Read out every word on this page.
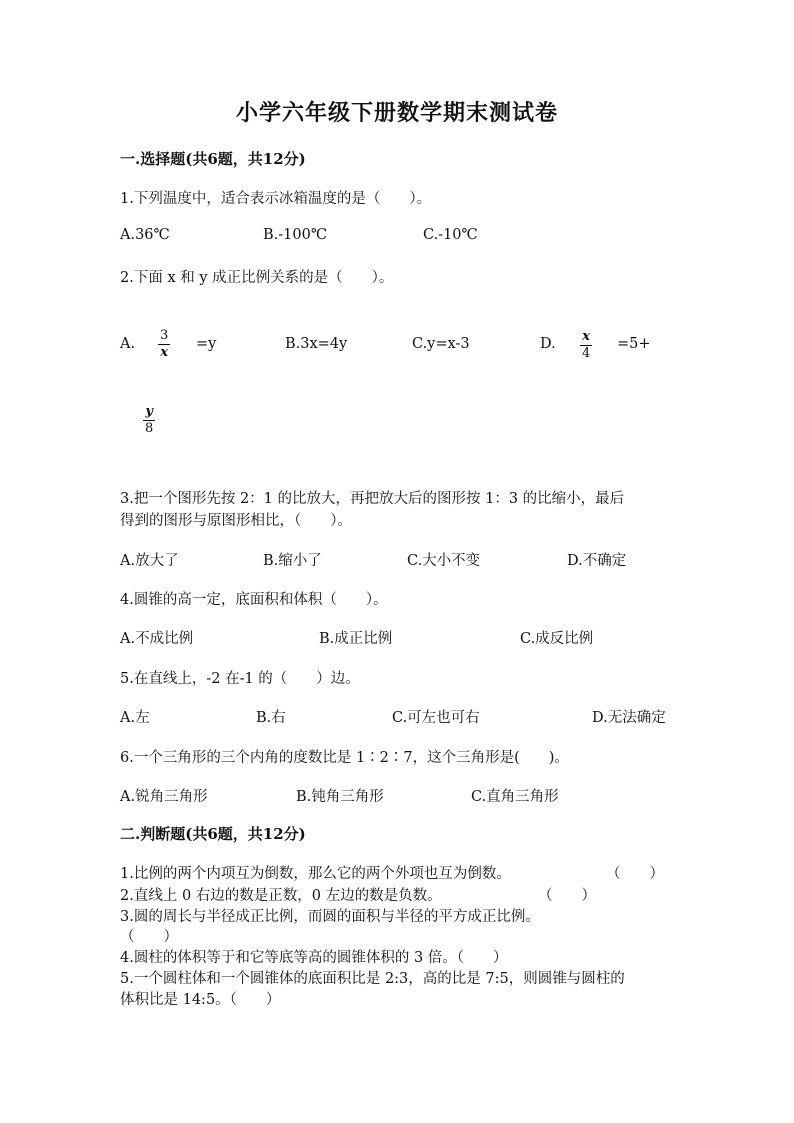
小学六年级下册数学期末测试卷
一.选择题(共6题，共12分)
1.下列温度中，适合表示冰箱温度的是（　　）。
A.36℃	B.-100℃	C.-10℃
2.下面 x 和 y 成正比例关系的是（　　）。
A. $\frac{3}{x} =y$	B.3x=4y	C.y=x-3	D. $\frac{x}{4} =5+$
$\frac{y}{8}$
3.把一个图形先按 2：1 的比放大，再把放大后的图形按 1：3 的比缩小，最后
得到的图形与原图形相比，（　　）。
A.放大了	B.缩小了	C.大小不变	D.不确定
4.圆锥的高一定，底面积和体积（　　）。
A.不成比例	B.成正比例	C.成反比例
5.在直线上，-2 在-1 的（　　）边。
A.左	B.右	C.可左也可右	D.无法确定
6.一个三角形的三个内角的度数比是 1∶2∶7，这个三角形是(　　)。
A.锐角三角形	B.钝角三角形	C.直角三角形
二.判断题(共6题，共12分)
1.比例的两个内项互为倒数，那么它的两个外项也互为倒数。	（　　）
2.直线上 0 右边的数是正数，0 左边的数是负数。	（　　）
3.圆的周长与半径成正比例，而圆的面积与半径的平方成正比例。
（　　）
4.圆柱的体积等于和它等底等高的圆锥体积的 3 倍。（　　）
5.一个圆柱体和一个圆锥体的底面积比是 2:3，高的比是 7:5，则圆锥与圆柱的
体积比是 14:5。（　　）
